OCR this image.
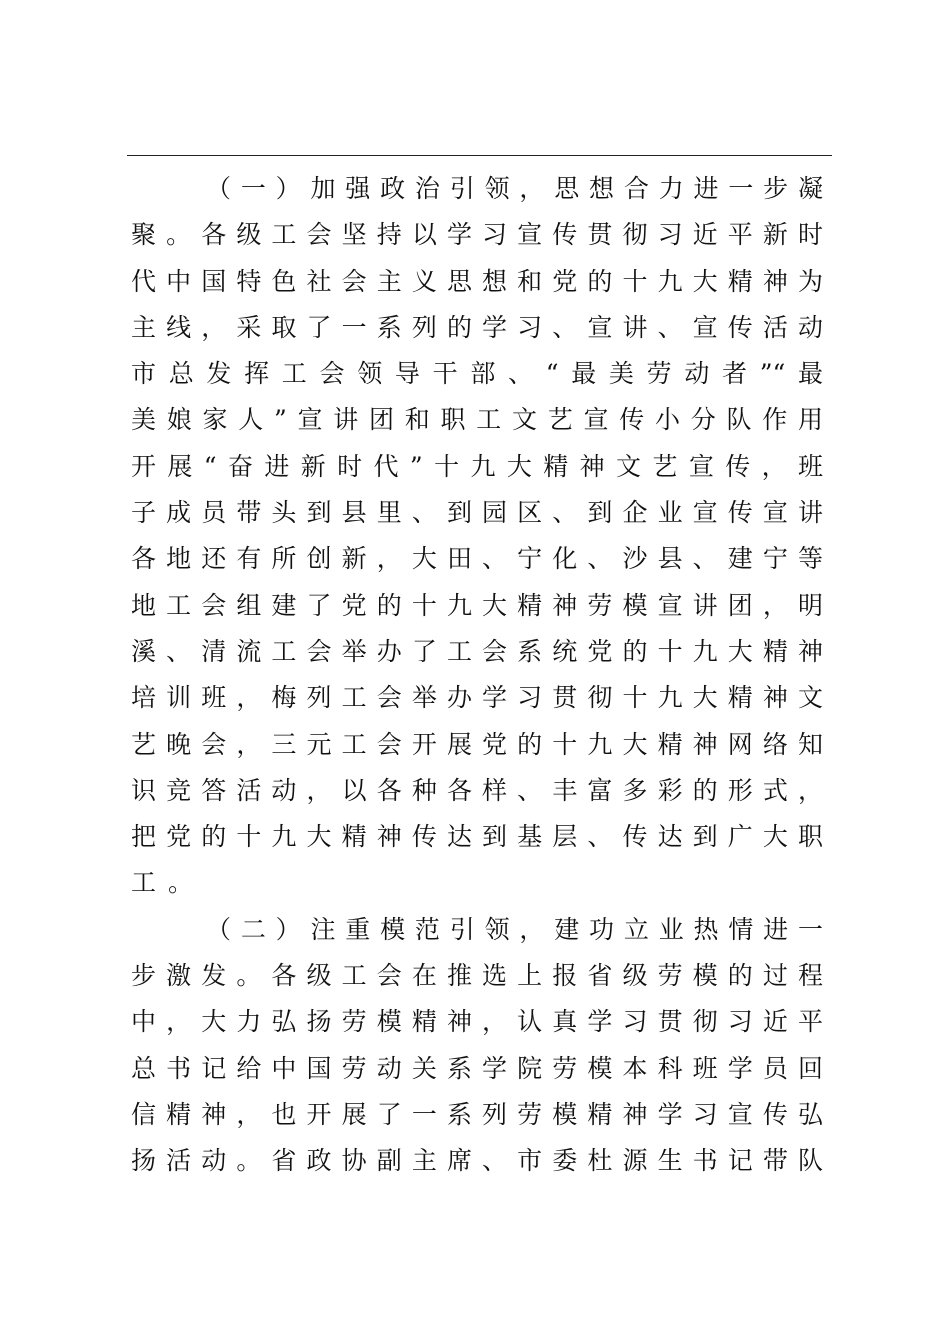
（一）加强政治引领，思想合力进一步凝
聚。各级工会坚持以学习宣传贯彻习近平新时
代中国特色社会主义思想和党的十九大精神为
主线，采取了一系列的学习、宣讲、宣传活动
市总发挥工会领导干部、“最美劳动者”“最
美娘家人”宣讲团和职工文艺宣传小分队作用
开展“奋进新时代”十九大精神文艺宣传，班
子成员带头到县里、到园区、到企业宣传宣讲
各地还有所创新，大田、宁化、沙县、建宁等
地工会组建了党的十九大精神劳模宣讲团，明
溪、清流工会举办了工会系统党的十九大精神
培训班，梅列工会举办学习贯彻十九大精神文
艺晚会，三元工会开展党的十九大精神网络知
识竞答活动，以各种各样、丰富多彩的形式，
把党的十九大精神传达到基层、传达到广大职
工。
（二）注重模范引领，建功立业热情进一
步激发。各级工会在推选上报省级劳模的过程
中，大力弘扬劳模精神，认真学习贯彻习近平
总书记给中国劳动关系学院劳模本科班学员回
信精神，也开展了一系列劳模精神学习宣传弘
扬活动。省政协副主席、市委杜源生书记带队
